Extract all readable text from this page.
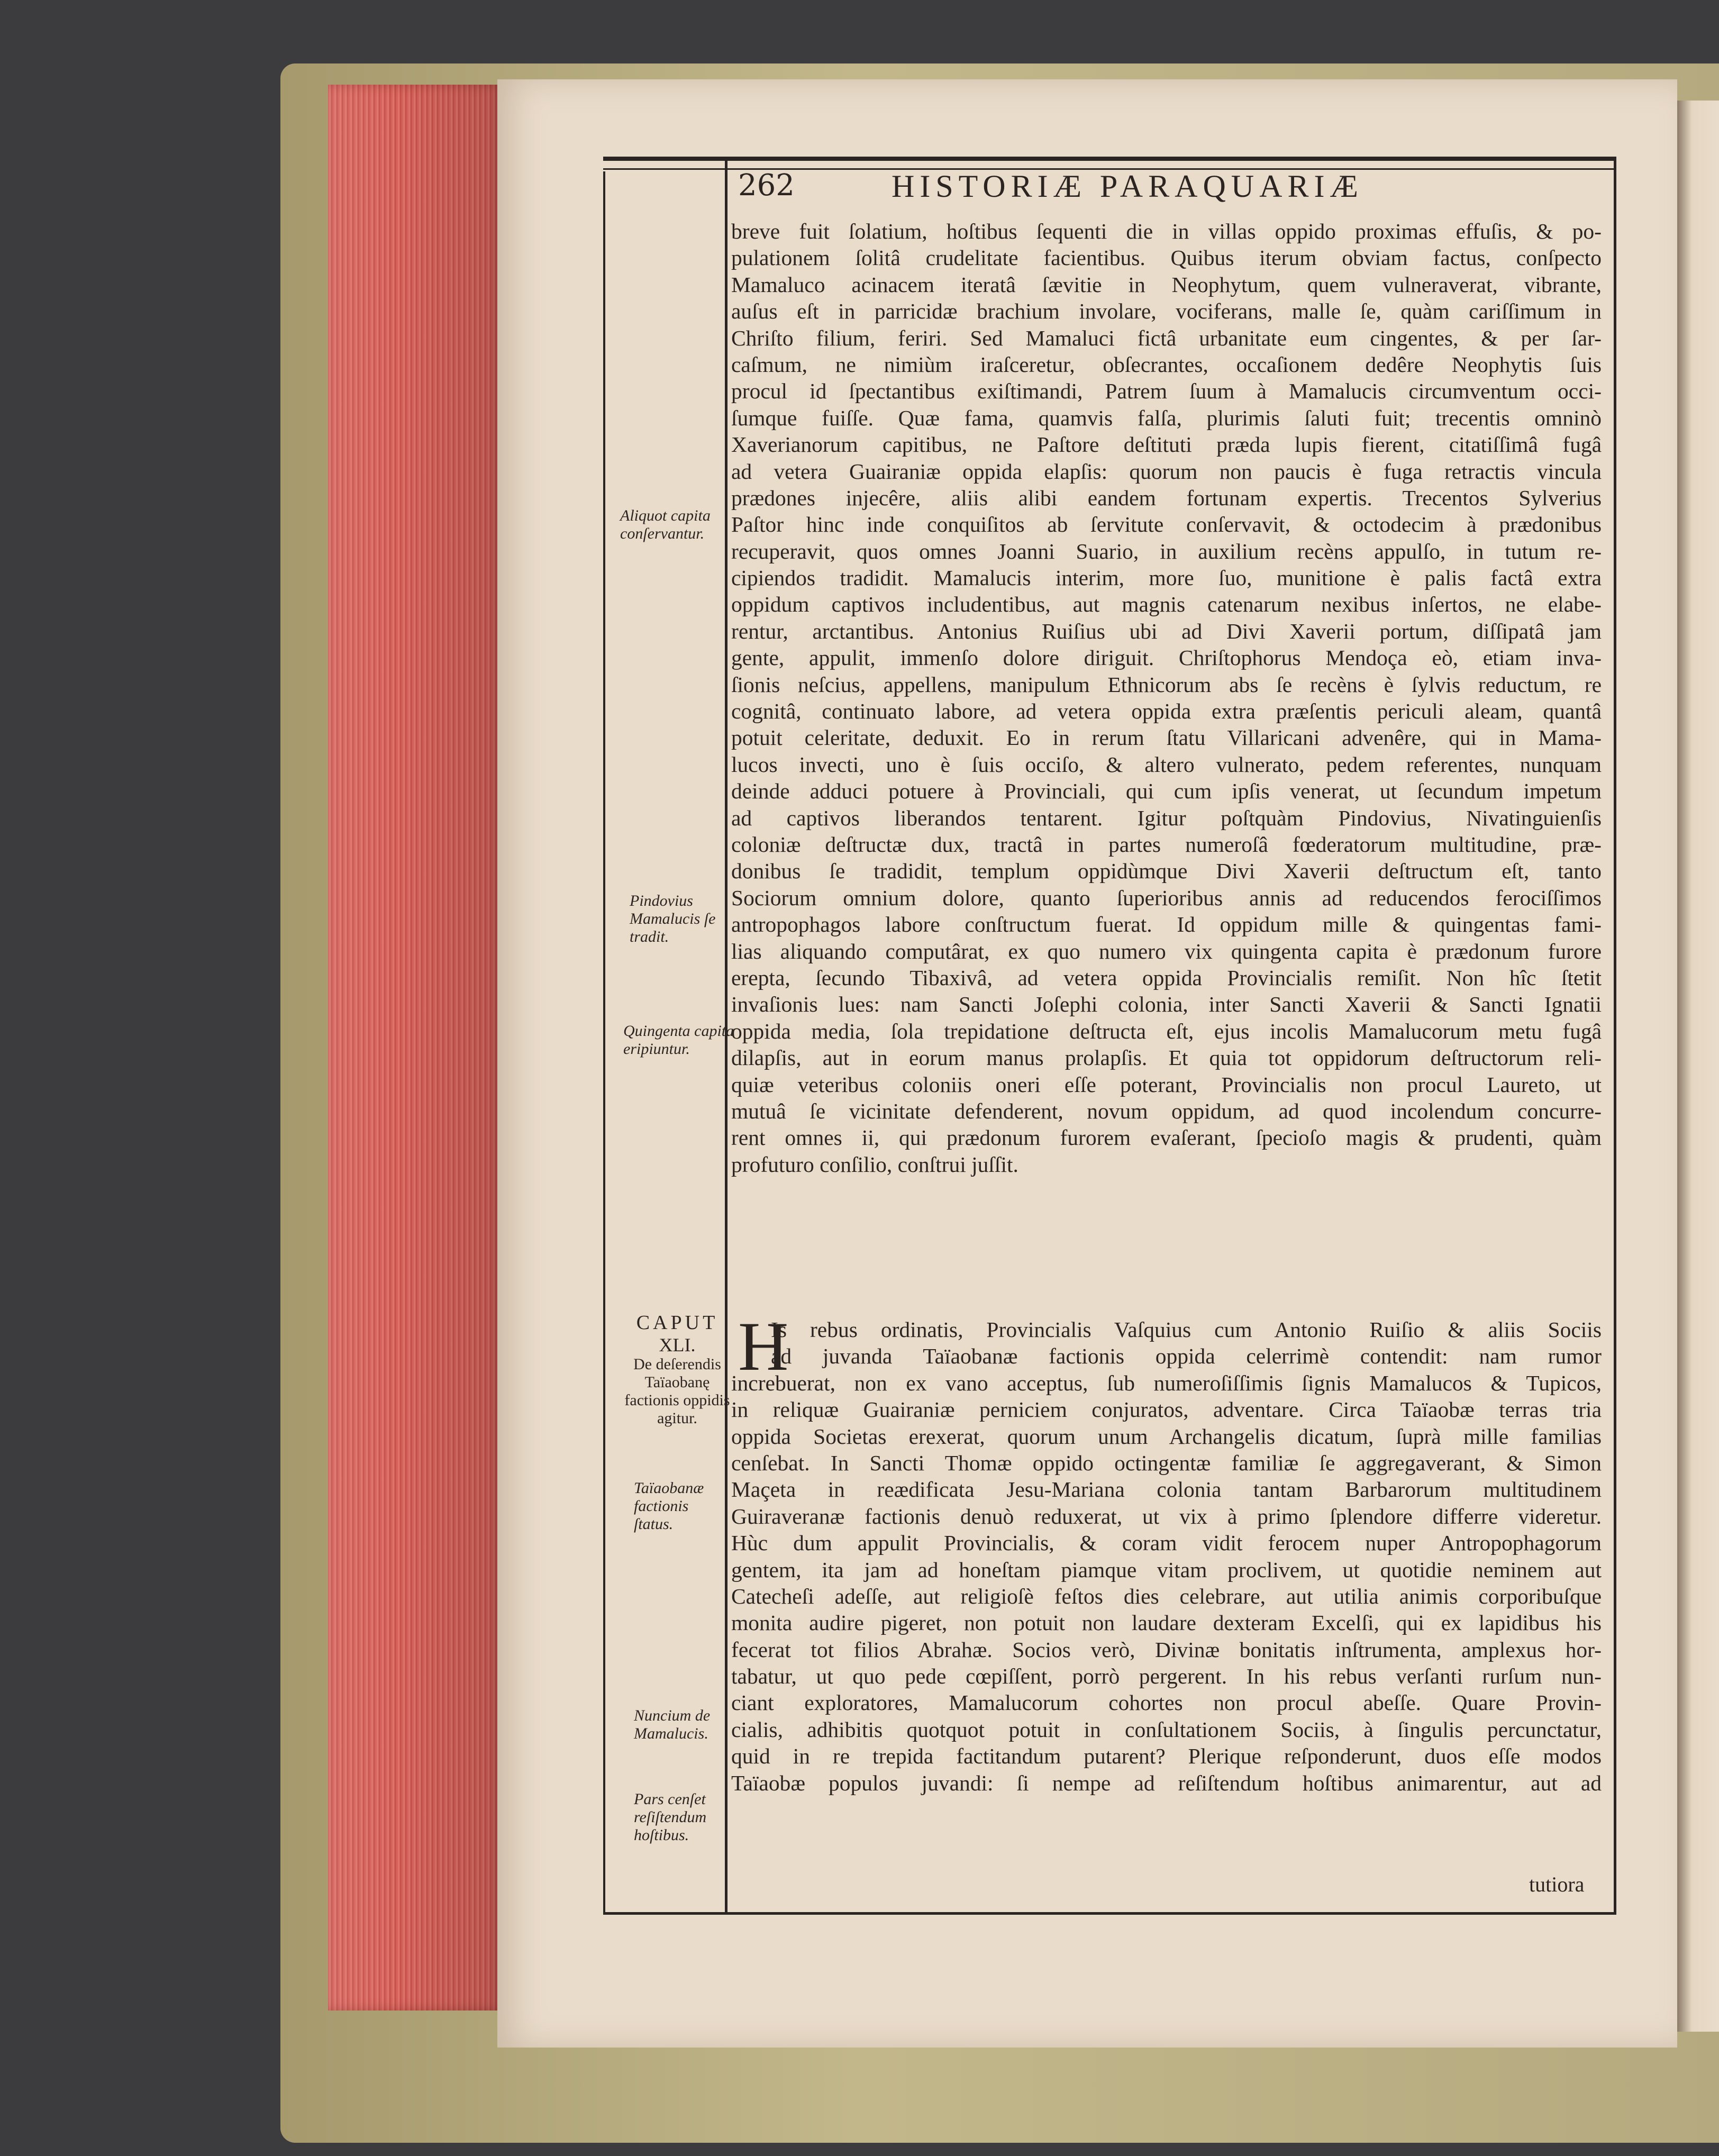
262	HISTORIÆ PARAQUARIÆ
breve fuit ſolatium, hoſtibus ſequenti die in villas oppido proximas effuſis, & po-
pulationem ſolitâ crudelitate facientibus. Quibus iterum obviam factus, conſpecto
Mamaluco acinacem iteratâ ſævitie in Neophytum, quem vulneraverat, vibrante,
auſus eſt in parricidæ brachium involare, vociferans, malle ſe, quàm cariſſimum in
Chriſto filium, feriri. Sed Mamaluci fictâ urbanitate eum cingentes, & per ſar-
caſmum, ne nimiùm iraſceretur, obſecrantes, occaſionem dedêre Neophytis ſuis
procul id ſpectantibus exiſtimandi, Patrem ſuum à Mamalucis circumventum occi-
ſumque fuiſſe. Quæ fama, quamvis falſa, plurimis ſaluti fuit; trecentis omninò
Xaverianorum capitibus, ne Paſtore deſtituti præda lupis fierent, citatiſſimâ fugâ
ad vetera Guairaniæ oppida elapſis: quorum non paucis è fuga retractis vincula
prædones injecêre, aliis alibi eandem fortunam expertis. Trecentos Sylverius
Paſtor hinc inde conquiſitos ab ſervitute conſervavit, & octodecim à prædonibus
recuperavit, quos omnes Joanni Suario, in auxilium recèns appulſo, in tutum re-
cipiendos tradidit. Mamalucis interim, more ſuo, munitione è palis factâ extra
oppidum captivos includentibus, aut magnis catenarum nexibus inſertos, ne elabe-
rentur, arctantibus. Antonius Ruiſius ubi ad Divi Xaverii portum, diſſipatâ jam
gente, appulit, immenſo dolore diriguit. Chriſtophorus Mendoça eò, etiam inva-
ſionis neſcius, appellens, manipulum Ethnicorum abs ſe recèns è ſylvis reductum, re
cognitâ, continuato labore, ad vetera oppida extra præſentis periculi aleam, quantâ
potuit celeritate, deduxit. Eo in rerum ſtatu Villaricani advenêre, qui in Mama-
lucos invecti, uno è ſuis occiſo, & altero vulnerato, pedem referentes, nunquam
deinde adduci potuere à Provinciali, qui cum ipſis venerat, ut ſecundum impetum
ad captivos liberandos tentarent. Igitur poſtquàm Pindovius, Nivatinguienſis
coloniæ deſtructæ dux, tractâ in partes numeroſâ fœderatorum multitudine, præ-
donibus ſe tradidit, templum oppidùmque Divi Xaverii deſtructum eſt, tanto
Sociorum omnium dolore, quanto ſuperioribus annis ad reducendos ferociſſimos
antropophagos labore conſtructum fuerat. Id oppidum mille & quingentas fami-
lias aliquando computârat, ex quo numero vix quingenta capita è prædonum furore
erepta, ſecundo Tibaxivâ, ad vetera oppida Provincialis remiſit. Non hîc ſtetit
invaſionis lues: nam Sancti Joſephi colonia, inter Sancti Xaverii & Sancti Ignatii
oppida media, ſola trepidatione deſtructa eſt, ejus incolis Mamalucorum metu fugâ
dilapſis, aut in eorum manus prolapſis. Et quia tot oppidorum deſtructorum reli-
quiæ veteribus coloniis oneri eſſe poterant, Provincialis non procul Laureto, ut
mutuâ ſe vicinitate defenderent, novum oppidum, ad quod incolendum concurre-
rent omnes ii, qui prædonum furorem evaſerant, ſpecioſo magis & prudenti, quàm
profuturo conſilio, conſtrui juſſit.
H
Is rebus ordinatis, Provincialis Vaſquius cum Antonio Ruiſio & aliis Sociis
ad juvanda Taïaobanæ factionis oppida celerrimè contendit: nam rumor
increbuerat, non ex vano acceptus, ſub numeroſiſſimis ſignis Mamalucos & Tupicos,
in reliquæ Guairaniæ perniciem conjuratos, adventare. Circa Taïaobæ terras tria
oppida Societas erexerat, quorum unum Archangelis dicatum, ſuprà mille familias
cenſebat. In Sancti Thomæ oppido octingentæ familiæ ſe aggregaverant, & Simon
Maçeta in reædificata Jesu-Mariana colonia tantam Barbarorum multitudinem
Guiraveranæ factionis denuò reduxerat, ut vix à primo ſplendore differre videretur.
Hùc dum appulit Provincialis, & coram vidit ferocem nuper Antropophagorum
gentem, ita jam ad honeſtam piamque vitam proclivem, ut quotidie neminem aut
Catecheſi adeſſe, aut religioſè feſtos dies celebrare, aut utilia animis corporibuſque
monita audire pigeret, non potuit non laudare dexteram Excelſi, qui ex lapidibus his
fecerat tot filios Abrahæ. Socios verò, Divinæ bonitatis inſtrumenta, amplexus hor-
tabatur, ut quo pede cœpiſſent, porrò pergerent. In his rebus verſanti rurſum nun-
ciant exploratores, Mamalucorum cohortes non procul abeſſe. Quare Provin-
cialis, adhibitis quotquot potuit in conſultationem Sociis, à ſingulis percunctatur,
quid in re trepida factitandum putarent? Plerique reſponderunt, duos eſſe modos
Taïaobæ populos juvandi: ſi nempe ad reſiſtendum hoſtibus animarentur, aut ad
tutiora
Aliquot capita conſervantur.
Pindovius Mamalucis ſe tradit.
Quingenta capita eripiuntur.
CAPUT
XLI.
De deſerendis Taïaobanę factionis oppidis agitur.
Taïaobanæ factionis ſtatus.
Nuncium de Mamalucis.
Pars cenſet reſiſtendum hoſtibus.
